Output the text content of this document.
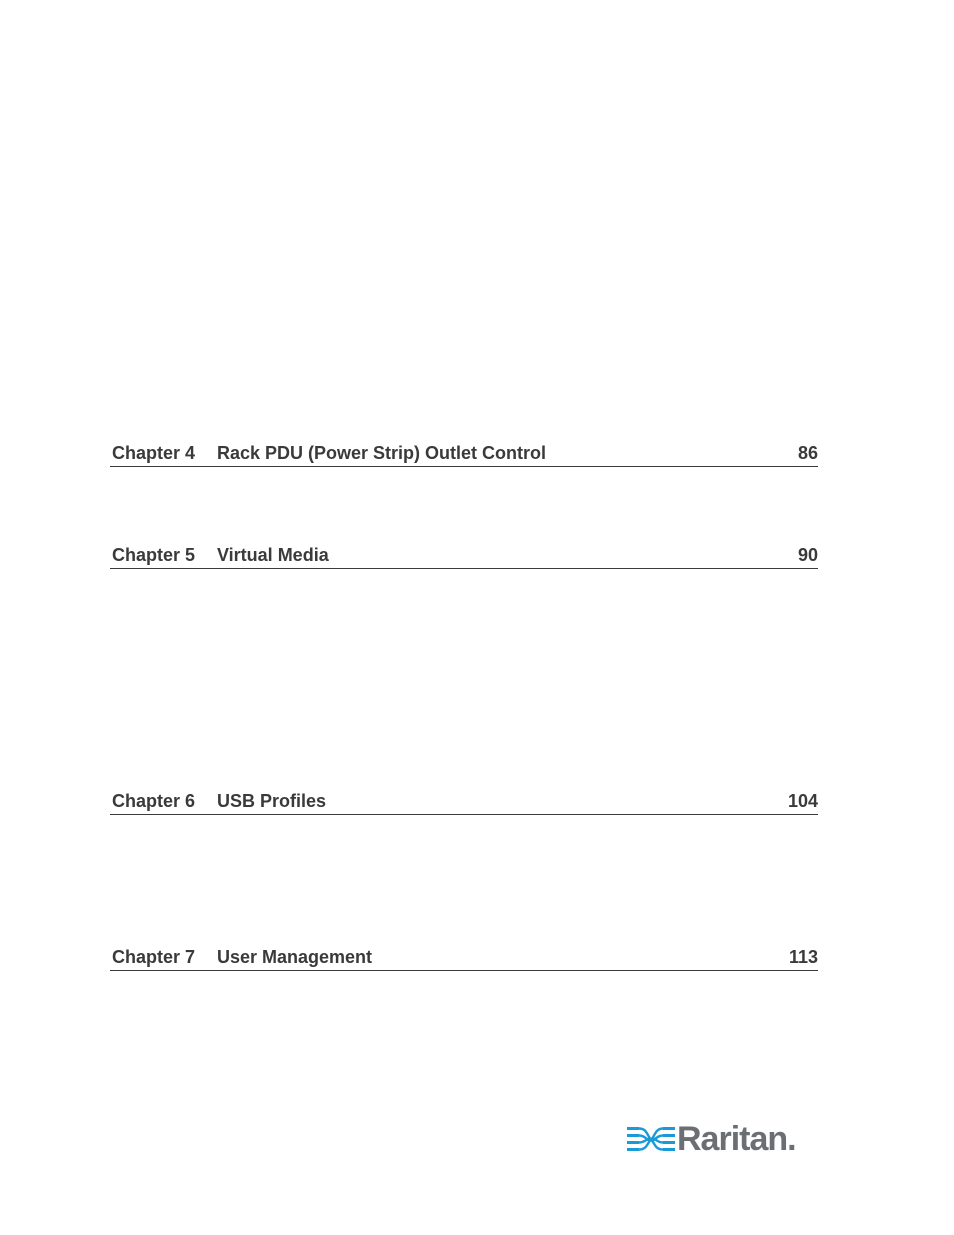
Chapter 4 Rack PDU (Power Strip) Outlet Control	86
Chapter 5 Virtual Media	90
Chapter 6 USB Profiles	104
Chapter 7 User Management	113
Raritan.
